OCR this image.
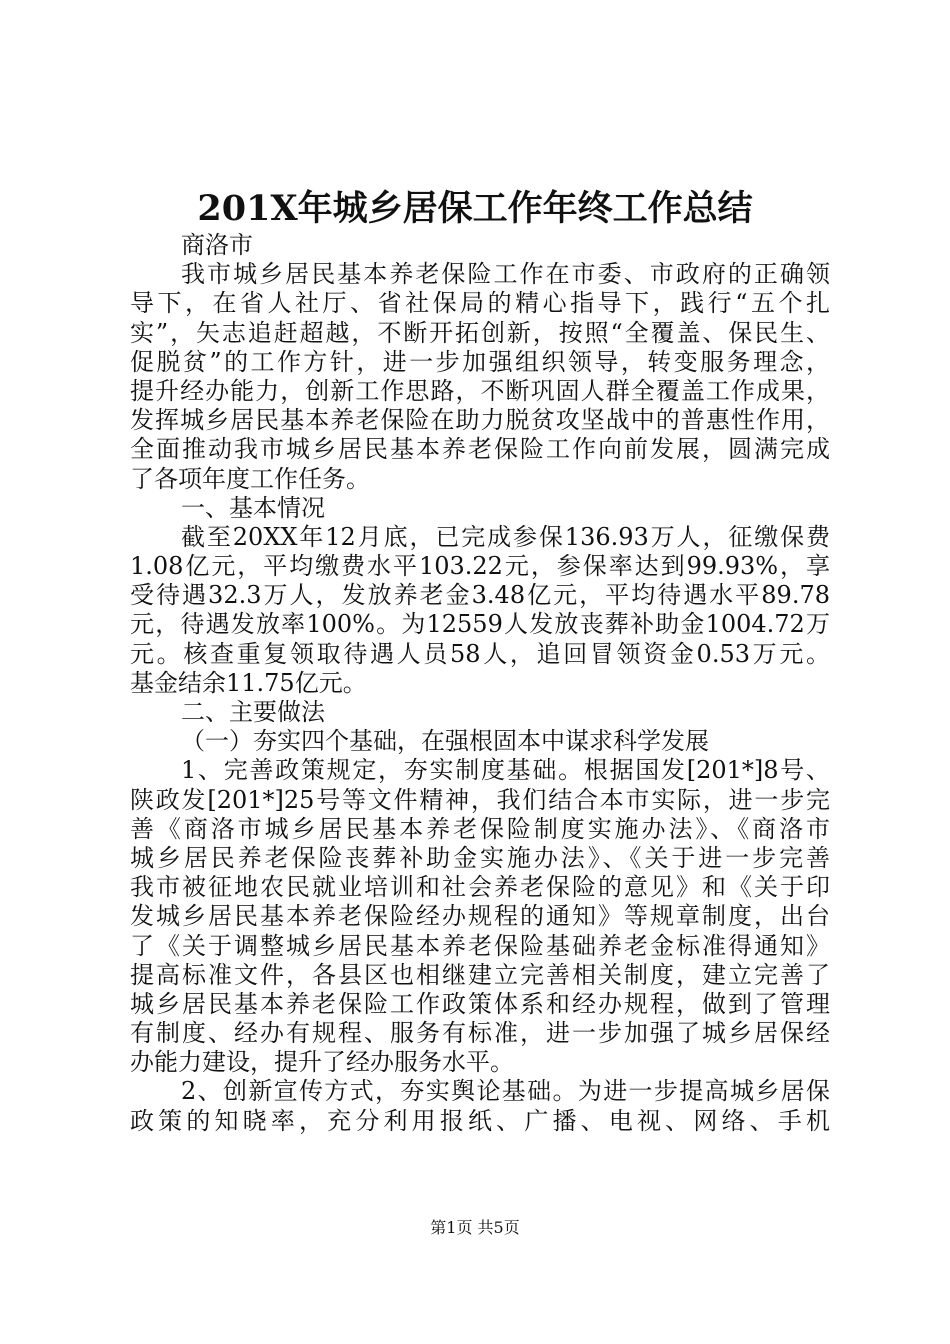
201X年城乡居保工作年终工作总结
商洛市
我市城乡居民基本养老保险工作在市委、市政府的正确领
导下，在省人社厅、省社保局的精心指导下，践行“五个扎
实”，矢志追赶超越，不断开拓创新，按照“全覆盖、保民生、
促脱贫”的工作方针，进一步加强组织领导，转变服务理念，
提升经办能力，创新工作思路，不断巩固人群全覆盖工作成果，
发挥城乡居民基本养老保险在助力脱贫攻坚战中的普惠性作用，
全面推动我市城乡居民基本养老保险工作向前发展，圆满完成
了各项年度工作任务。
一、基本情况
截至20XX年12月底，已完成参保136.93万人，征缴保费
1.08亿元，平均缴费水平103.22元，参保率达到99.93%，享
受待遇32.3万人，发放养老金3.48亿元，平均待遇水平89.78
元，待遇发放率100%。为12559人发放丧葬补助金1004.72万
元。核查重复领取待遇人员58人，追回冒领资金0.53万元。
基金结余11.75亿元。
二、主要做法
（一）夯实四个基础，在强根固本中谋求科学发展
1、完善政策规定，夯实制度基础。根据国发[201*]8号、
陕政发[201*]25号等文件精神，我们结合本市实际，进一步完
善《商洛市城乡居民基本养老保险制度实施办法》、《商洛市
城乡居民养老保险丧葬补助金实施办法》、《关于进一步完善
我市被征地农民就业培训和社会养老保险的意见》和《关于印
发城乡居民基本养老保险经办规程的通知》等规章制度，出台
了《关于调整城乡居民基本养老保险基础养老金标准得通知》
提高标准文件，各县区也相继建立完善相关制度，建立完善了
城乡居民基本养老保险工作政策体系和经办规程，做到了管理
有制度、经办有规程、服务有标准，进一步加强了城乡居保经
办能力建设，提升了经办服务水平。
2、创新宣传方式，夯实舆论基础。为进一步提高城乡居保
政策的知晓率，充分利用报纸、广播、电视、网络、手机
第1页 共5页
